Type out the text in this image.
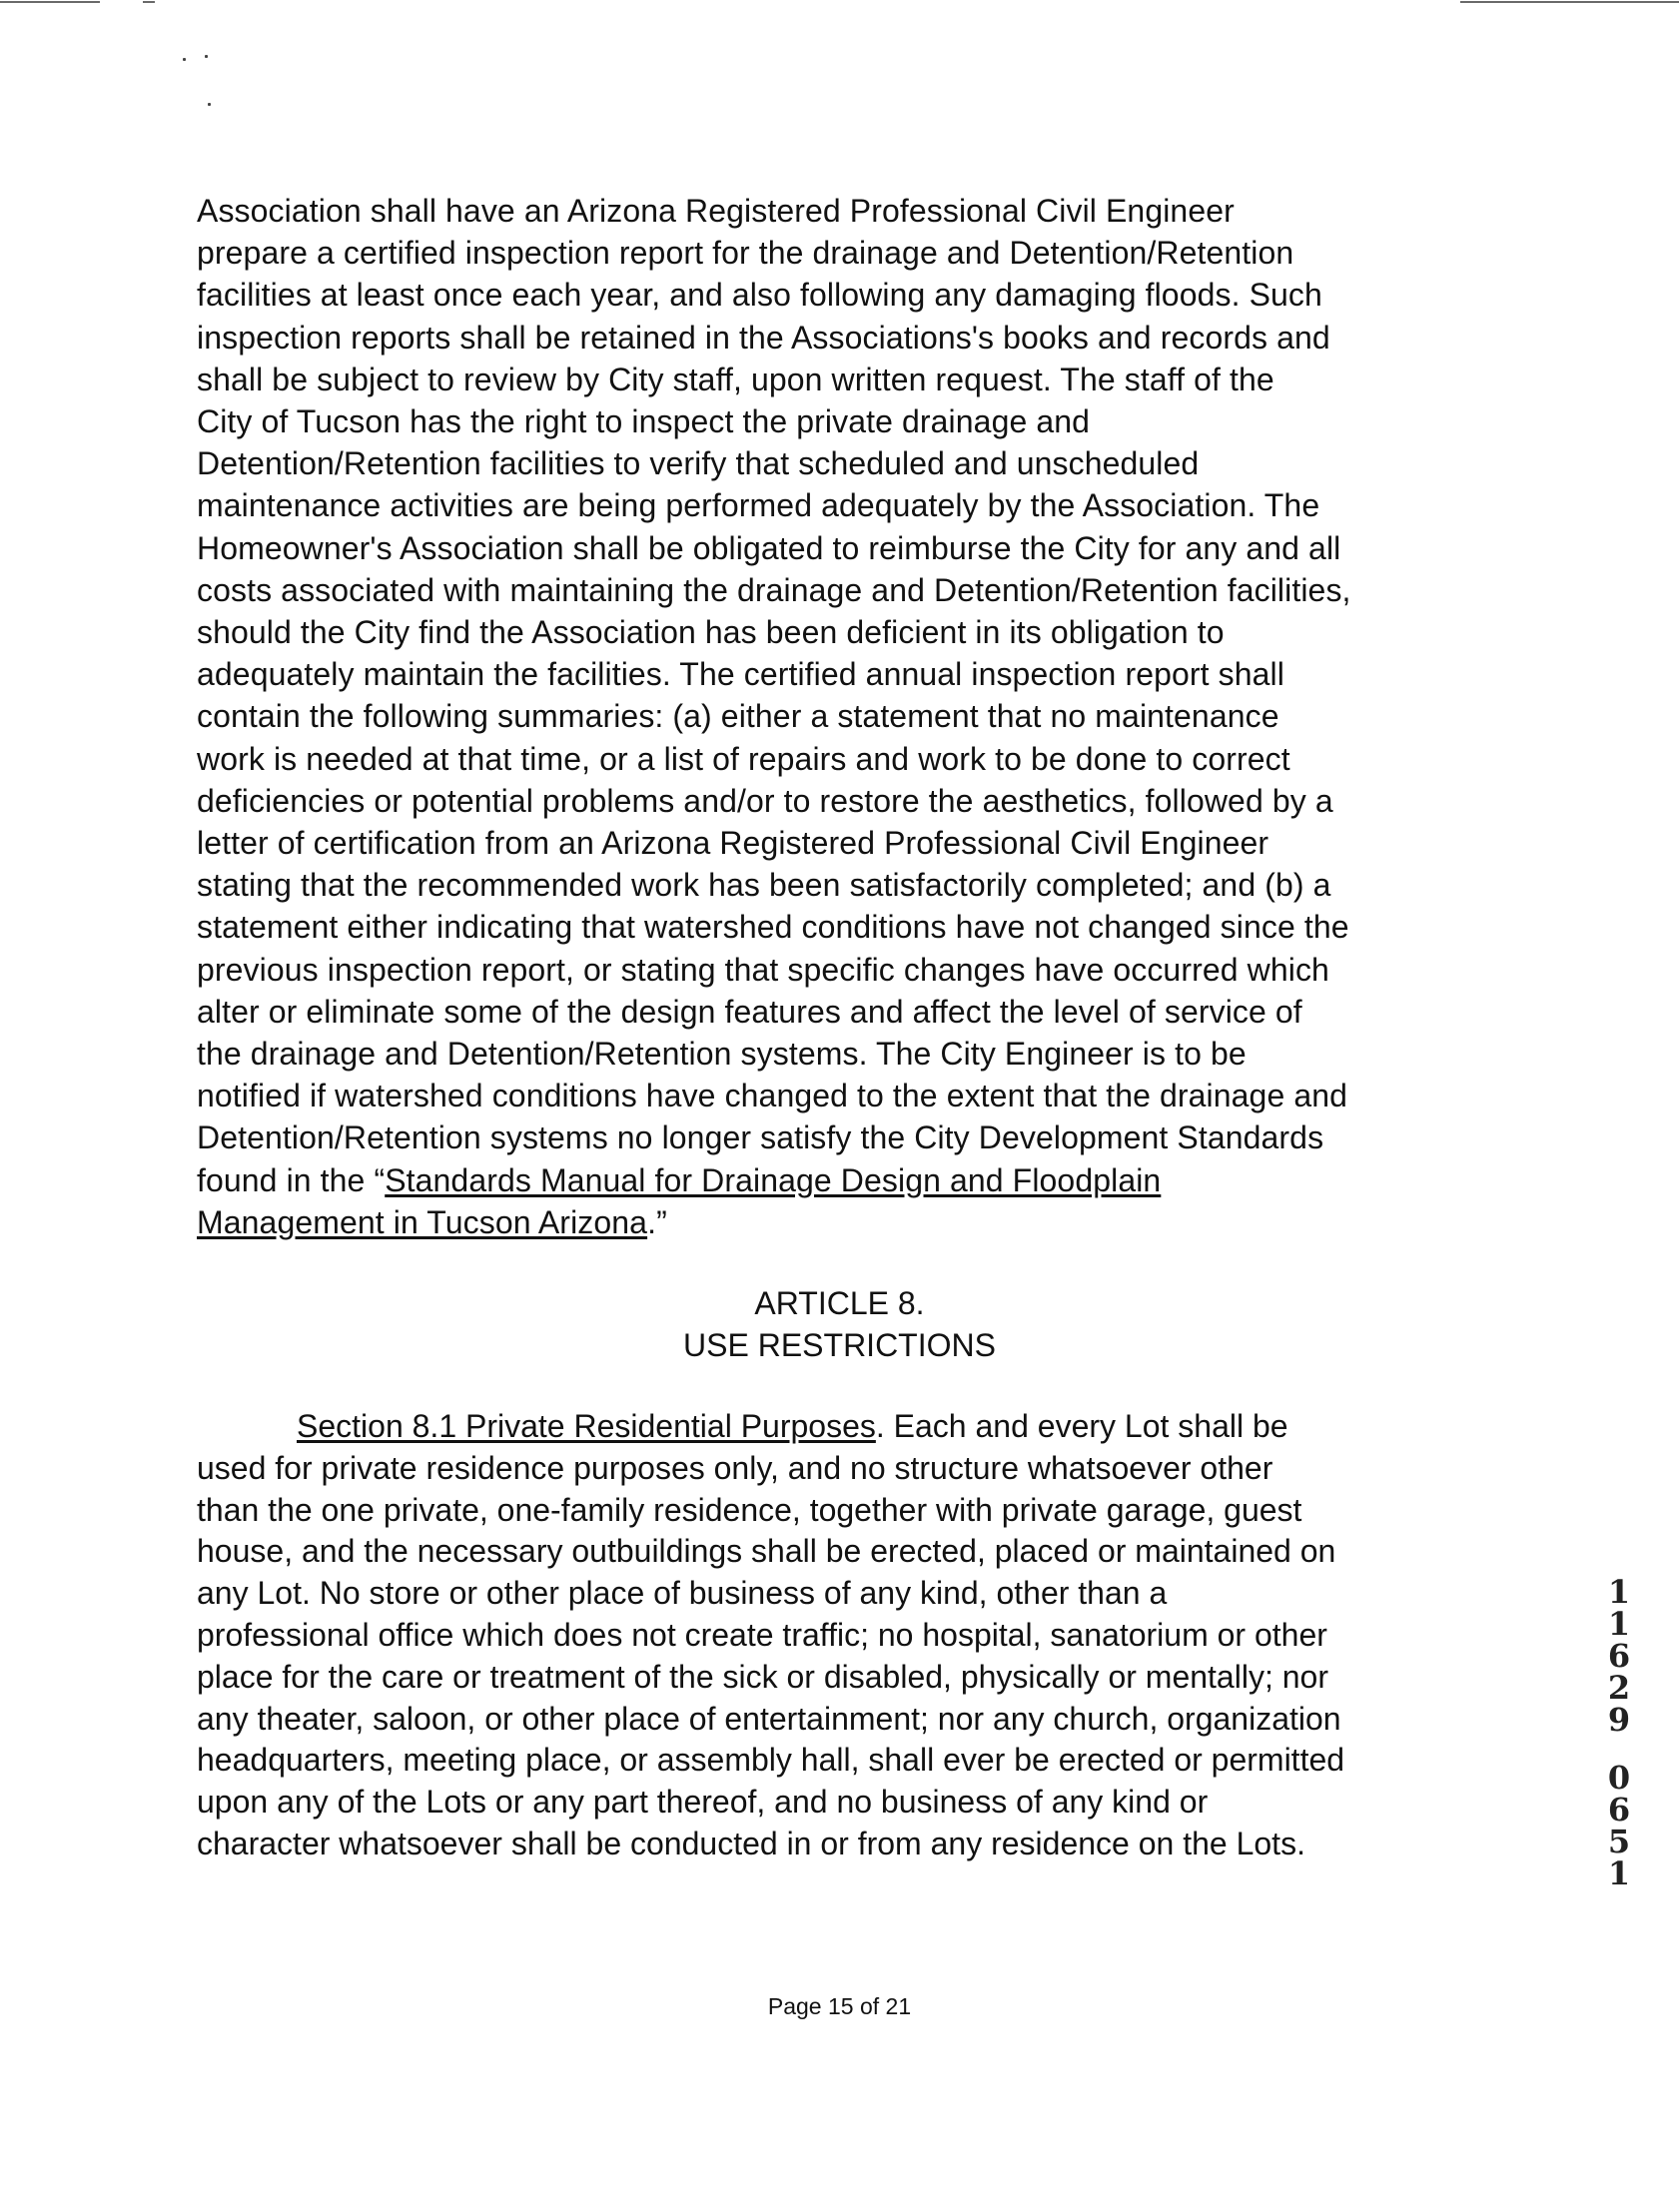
Association shall have an Arizona Registered Professional Civil Engineer
prepare a certified inspection report for the drainage and Detention/Retention
facilities at least once each year, and also following any damaging floods. Such
inspection reports shall be retained in the Associations's books and records and
shall be subject to review by City staff, upon written request. The staff of the
City of Tucson has the right to inspect the private drainage and
Detention/Retention facilities to verify that scheduled and unscheduled
maintenance activities are being performed adequately by the Association. The
Homeowner's Association shall be obligated to reimburse the City for any and all
costs associated with maintaining the drainage and Detention/Retention facilities,
should the City find the Association has been deficient in its obligation to
adequately maintain the facilities. The certified annual inspection report shall
contain the following summaries: (a) either a statement that no maintenance
work is needed at that time, or a list of repairs and work to be done to correct
deficiencies or potential problems and/or to restore the aesthetics, followed by a
letter of certification from an Arizona Registered Professional Civil Engineer
stating that the recommended work has been satisfactorily completed; and (b) a
statement either indicating that watershed conditions have not changed since the
previous inspection report, or stating that specific changes have occurred which
alter or eliminate some of the design features and affect the level of service of
the drainage and Detention/Retention systems. The City Engineer is to be
notified if watershed conditions have changed to the extent that the drainage and
Detention/Retention systems no longer satisfy the City Development Standards
found in the “Standards Manual for Drainage Design and Floodplain
Management in Tucson Arizona.”
ARTICLE 8.
USE RESTRICTIONS
Section 8.1 Private Residential Purposes. Each and every Lot shall be
used for private residence purposes only, and no structure whatsoever other
than the one private, one-family residence, together with private garage, guest
house, and the necessary outbuildings shall be erected, placed or maintained on
any Lot. No store or other place of business of any kind, other than a
professional office which does not create traffic; no hospital, sanatorium or other
place for the care or treatment of the sick or disabled, physically or mentally; nor
any theater, saloon, or other place of entertainment; nor any church, organization
headquarters, meeting place, or assembly hall, shall ever be erected or permitted
upon any of the Lots or any part thereof, and no business of any kind or
character whatsoever shall be conducted in or from any residence on the Lots.
1
1
6
2
9
0
6
5
1
Page 15 of 21
